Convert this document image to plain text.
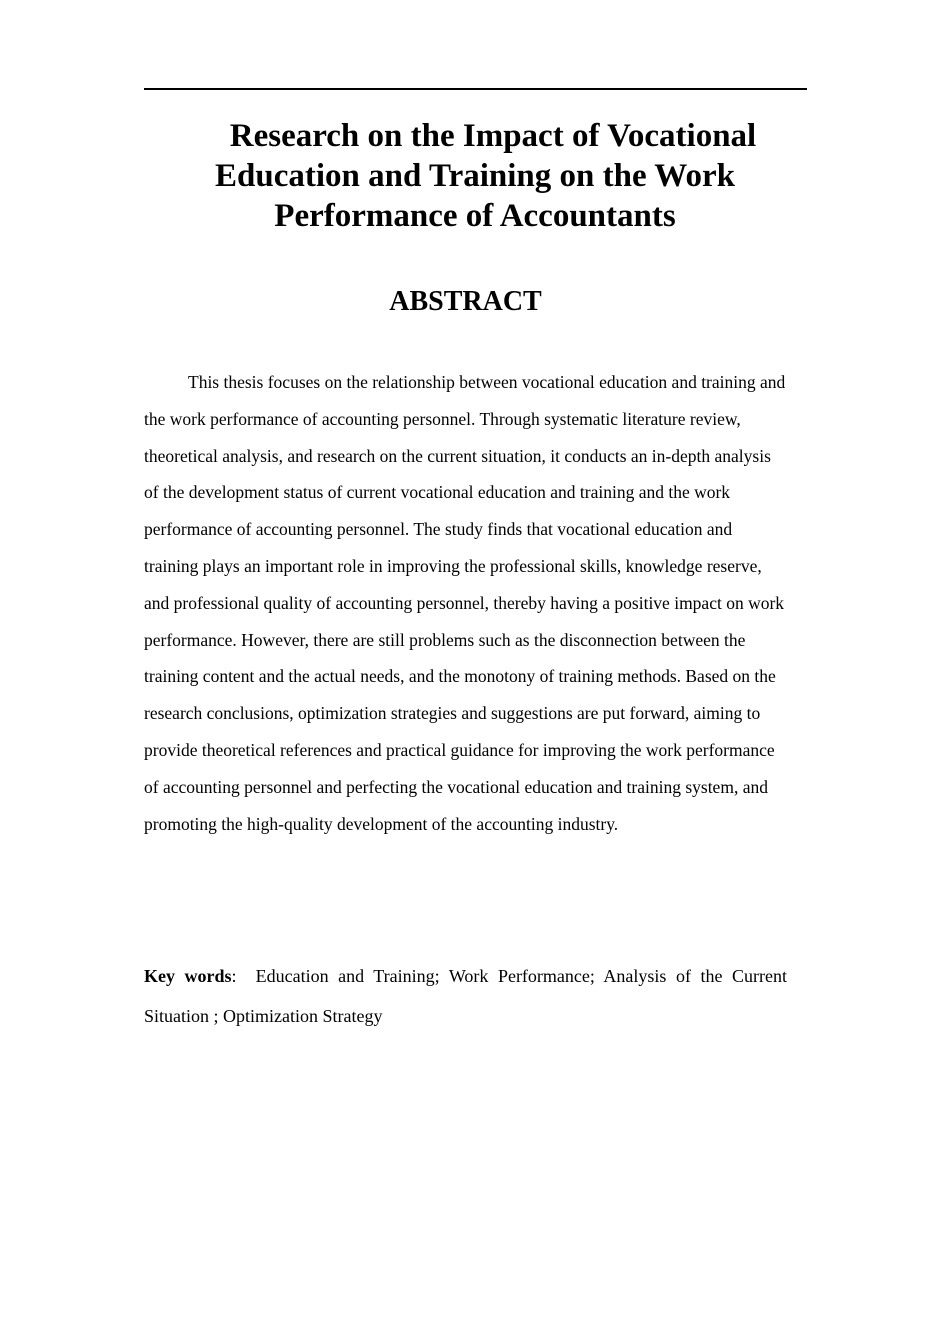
Research on the Impact of Vocational
Education and Training on the Work
Performance of Accountants
ABSTRACT

This thesis focuses on the relationship between vocational education and training and the work performance of accounting personnel. Through systematic literature review, theoretical analysis, and research on the current situation, it conducts an in-depth analysis of the development status of current vocational education and training and the work performance of accounting personnel. The study finds that vocational education and training plays an important role in improving the professional skills, knowledge reserve, and professional quality of accounting personnel, thereby having a positive impact on work performance. However, there are still problems such as the disconnection between the training content and the actual needs, and the monotony of training methods. Based on the research conclusions, optimization strategies and suggestions are put forward, aiming to provide theoretical references and practical guidance for improving the work performance of accounting personnel and perfecting the vocational education and training system, and promoting the high-quality development of the accounting industry.

Key words: Education and Training; Work Performance; Analysis of the Current Situation ; Optimization Strategy
